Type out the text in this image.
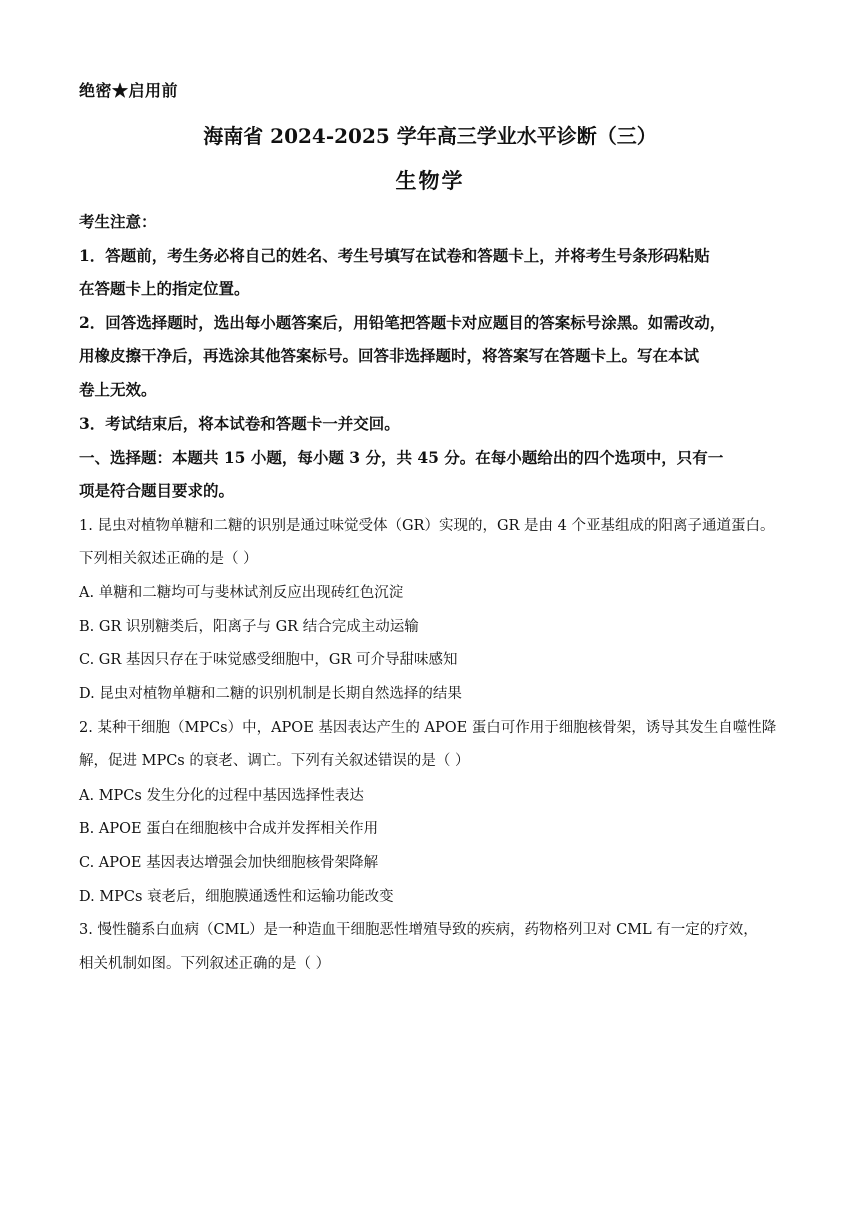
绝密★启用前
海南省 2024-2025 学年高三学业水平诊断（三）
生物学
考生注意：
1．答题前，考生务必将自己的姓名、考生号填写在试卷和答题卡上，并将考生号条形码粘贴
在答题卡上的指定位置。
2．回答选择题时，选出每小题答案后，用铅笔把答题卡对应题目的答案标号涂黑。如需改动，
用橡皮擦干净后，再选涂其他答案标号。回答非选择题时，将答案写在答题卡上。写在本试
卷上无效。
3．考试结束后，将本试卷和答题卡一并交回。
一、选择题：本题共 15 小题，每小题 3 分，共 45 分。在每小题给出的四个选项中，只有一
项是符合题目要求的。
1. 昆虫对植物单糖和二糖的识别是通过味觉受体（GR）实现的，GR 是由 4 个亚基组成的阳离子通道蛋白。
下列相关叙述正确的是（ ）
A. 单糖和二糖均可与斐林试剂反应出现砖红色沉淀
B. GR 识别糖类后，阳离子与 GR 结合完成主动运输
C. GR 基因只存在于味觉感受细胞中，GR 可介导甜味感知
D. 昆虫对植物单糖和二糖的识别机制是长期自然选择的结果
2. 某种干细胞（MPCs）中，APOE 基因表达产生的 APOE 蛋白可作用于细胞核骨架，诱导其发生自噬性降
解，促进 MPCs 的衰老、调亡。下列有关叙述错误的是（ ）
A. MPCs 发生分化的过程中基因选择性表达
B. APOE 蛋白在细胞核中合成并发挥相关作用
C. APOE 基因表达增强会加快细胞核骨架降解
D. MPCs 衰老后，细胞膜通透性和运输功能改变
3. 慢性髓系白血病（CML）是一种造血干细胞恶性增殖导致的疾病，药物格列卫对 CML 有一定的疗效，
相关机制如图。下列叙述正确的是（ ）
